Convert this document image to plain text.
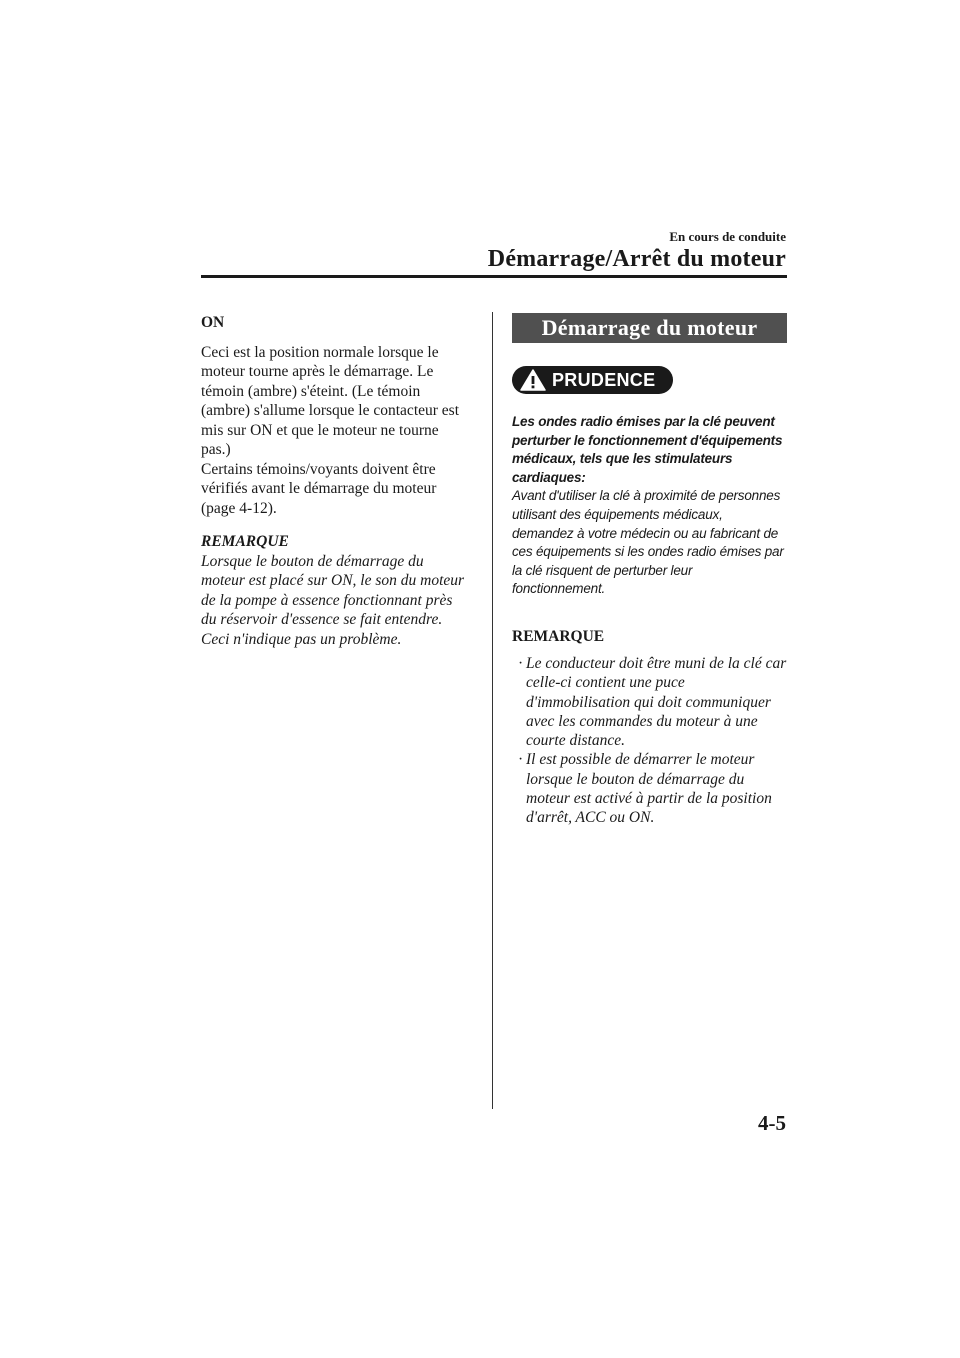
En cours de conduite
Démarrage/Arrêt du moteur

ON

Ceci est la position normale lorsque le moteur tourne après le démarrage. Le témoin (ambre) s'éteint. (Le témoin (ambre) s'allume lorsque le contacteur est mis sur ON et que le moteur ne tourne pas.)

Certains témoins/voyants doivent être vérifiés avant le démarrage du moteur (page 4-12).

REMARQUE

Lorsque le bouton de démarrage du moteur est placé sur ON, le son du moteur de la pompe à essence fonctionnant près du réservoir d'essence se fait entendre. Ceci n'indique pas un problème.

Démarrage du moteur
PRUDENCE

Les ondes radio émises par la clé peuvent perturber le fonctionnement d'équipements médicaux, tels que les stimulateurs cardiaques:

Avant d'utiliser la clé à proximité de personnes utilisant des équipements médicaux, demandez à votre médecin ou au fabricant de ces équipements si les ondes radio émises par la clé risquent de perturber leur fonctionnement.

REMARQUE
· Le conducteur doit être muni de la clé car celle-ci contient une puce d'immobilisation qui doit communiquer avec les commandes du moteur à une courte distance.
· Il est possible de démarrer le moteur lorsque le bouton de démarrage du moteur est activé à partir de la position d'arrêt, ACC ou ON.
4-5
